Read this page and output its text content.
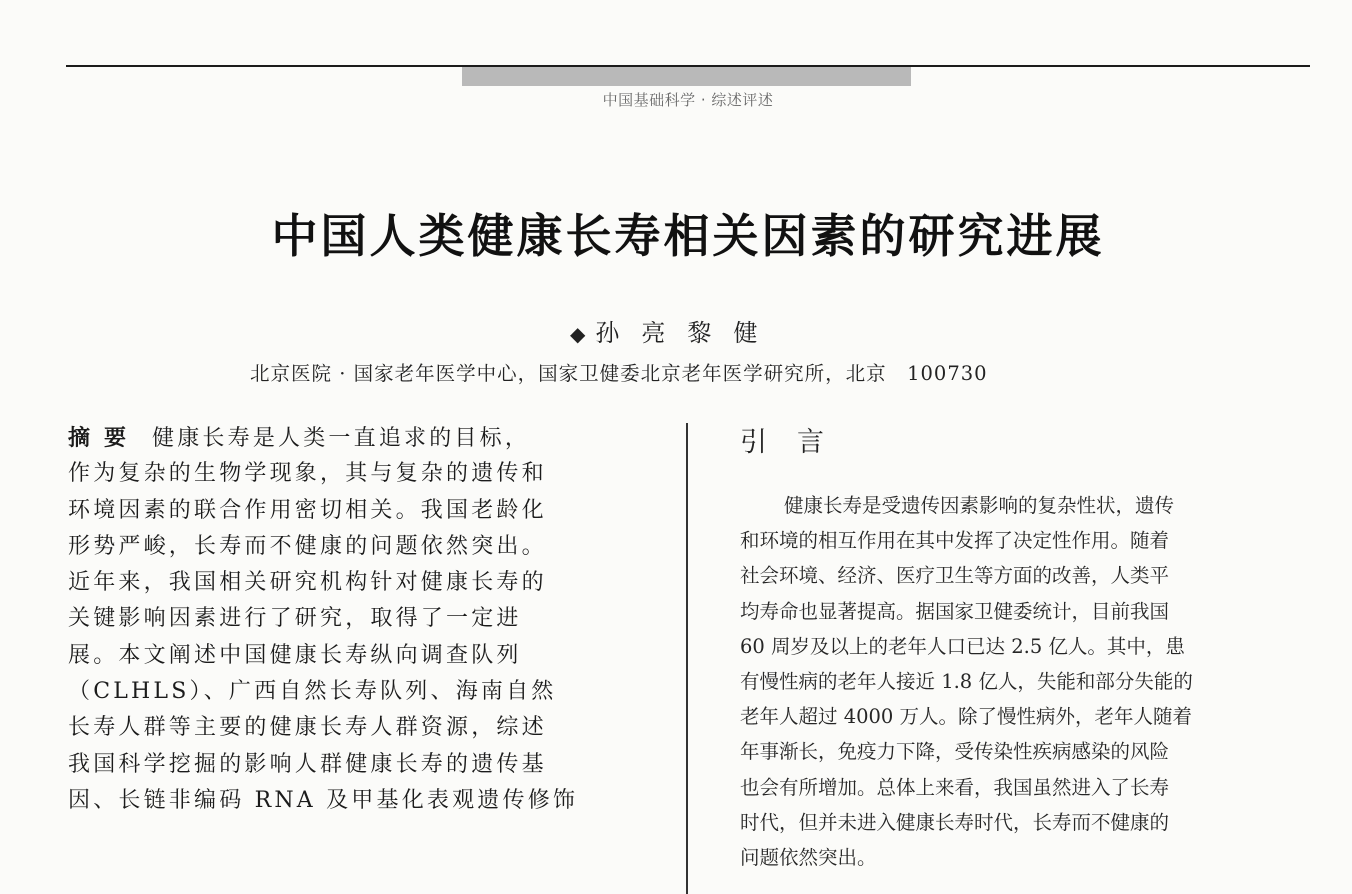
中国基础科学 · 综述评述
中国人类健康长寿相关因素的研究进展
◆ 孙亮黎健
北京医院 · 国家老年医学中心，国家卫健委北京老年医学研究所，北京　100730
摘要 健康长寿是人类一直追求的目标，
作为复杂的生物学现象，其与复杂的遗传和
环境因素的联合作用密切相关。我国老龄化
形势严峻，长寿而不健康的问题依然突出。
近年来，我国相关研究机构针对健康长寿的
关键影响因素进行了研究，取得了一定进
展。本文阐述中国健康长寿纵向调查队列
（CLHLS）、广西自然长寿队列、海南自然
长寿人群等主要的健康长寿人群资源，综述
我国科学挖掘的影响人群健康长寿的遗传基
因、长链非编码 RNA 及甲基化表观遗传修饰
引言
健康长寿是受遗传因素影响的复杂性状，遗传
和环境的相互作用在其中发挥了决定性作用。随着
社会环境、经济、医疗卫生等方面的改善，人类平
均寿命也显著提高。据国家卫健委统计，目前我国
60 周岁及以上的老年人口已达 2.5 亿人。其中，患
有慢性病的老年人接近 1.8 亿人，失能和部分失能的
老年人超过 4000 万人。除了慢性病外，老年人随着
年事渐长，免疫力下降，受传染性疾病感染的风险
也会有所增加。总体上来看，我国虽然进入了长寿
时代，但并未进入健康长寿时代，长寿而不健康的
问题依然突出。
